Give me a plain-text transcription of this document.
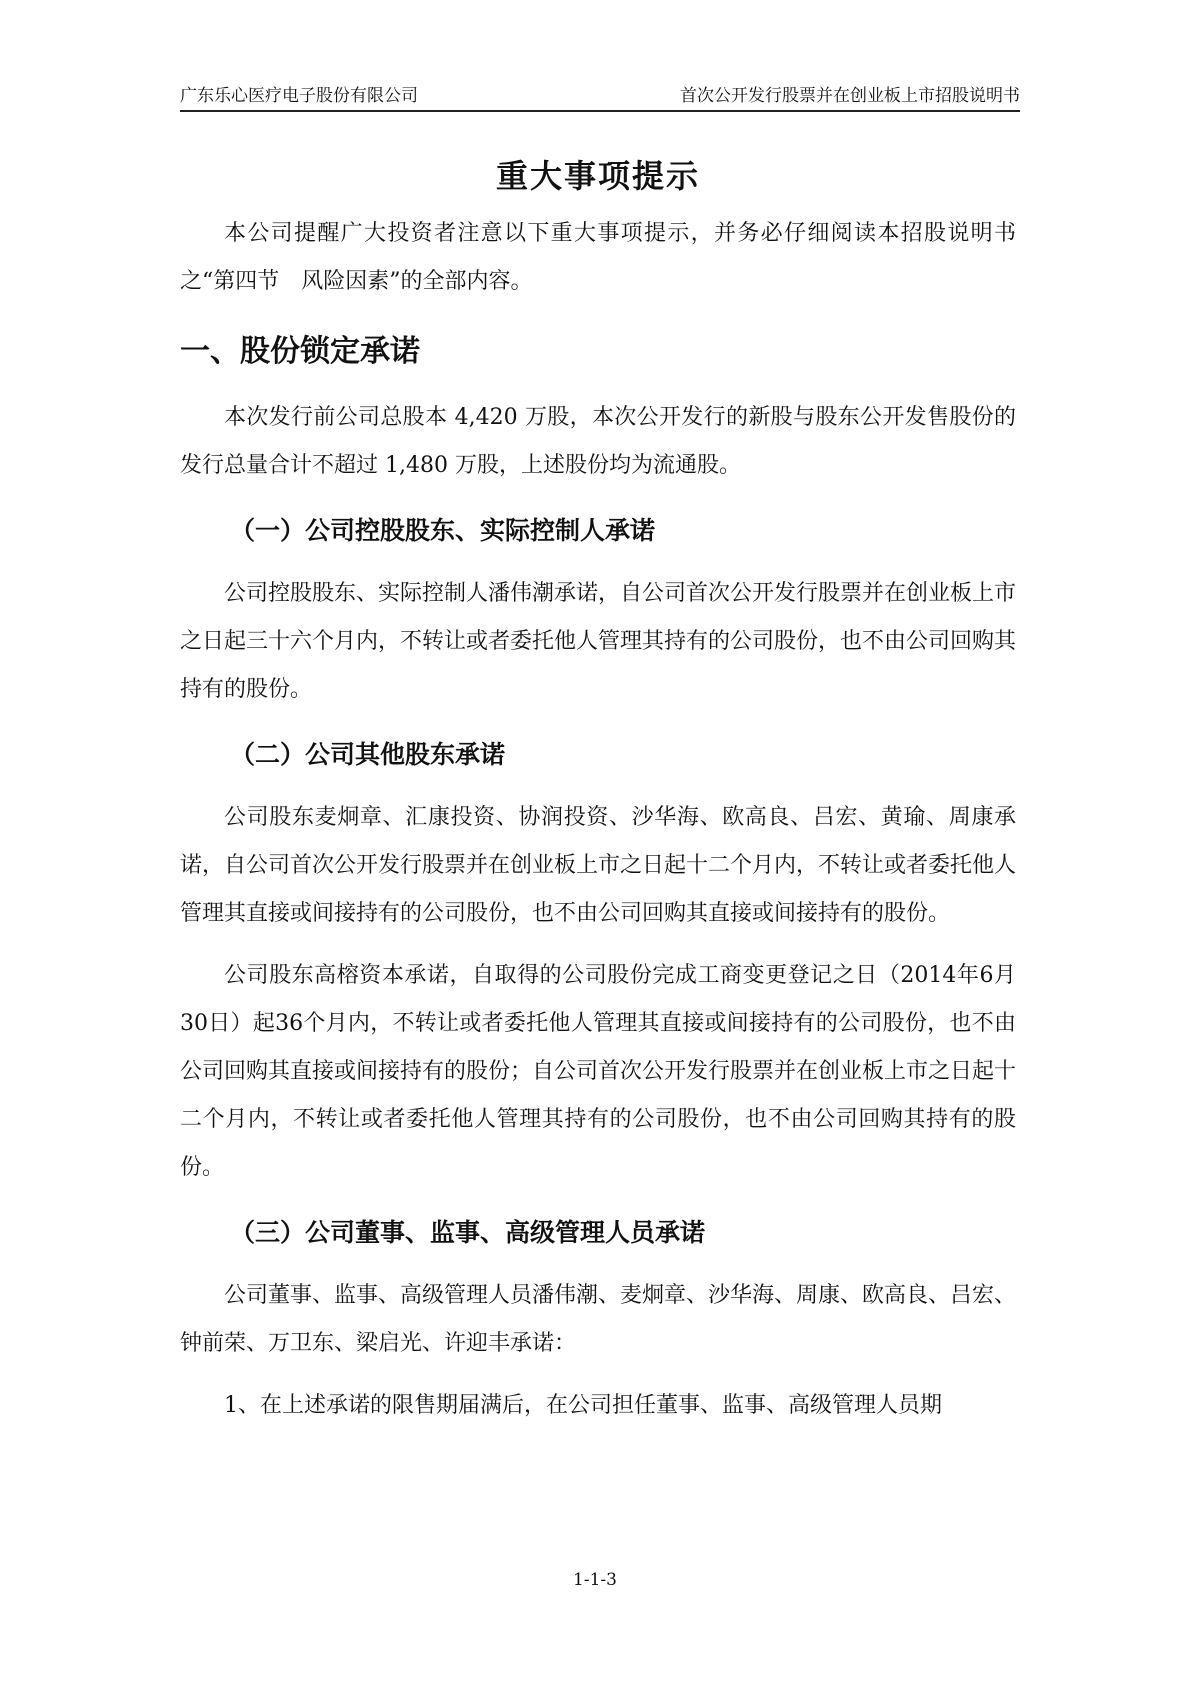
广东乐心医疗电子股份有限公司	首次公开发行股票并在创业板上市招股说明书
重大事项提示

本公司提醒广大投资者注意以下重大事项提示，并务必仔细阅读本招股说明书之“第四节　风险因素”的全部内容。

一、股份锁定承诺

本次发行前公司总股本 4,420 万股，本次公开发行的新股与股东公开发售股份的发行总量合计不超过 1,480 万股，上述股份均为流通股。

（一）公司控股股东、实际控制人承诺

公司控股股东、实际控制人潘伟潮承诺，自公司首次公开发行股票并在创业板上市之日起三十六个月内，不转让或者委托他人管理其持有的公司股份，也不由公司回购其持有的股份。

（二）公司其他股东承诺

公司股东麦炯章、汇康投资、协润投资、沙华海、欧高良、吕宏、黄瑜、周康承诺，自公司首次公开发行股票并在创业板上市之日起十二个月内，不转让或者委托他人管理其直接或间接持有的公司股份，也不由公司回购其直接或间接持有的股份。

公司股东高榕资本承诺，自取得的公司股份完成工商变更登记之日（2014年6月30日）起36个月内，不转让或者委托他人管理其直接或间接持有的公司股份，也不由公司回购其直接或间接持有的股份；自公司首次公开发行股票并在创业板上市之日起十二个月内，不转让或者委托他人管理其持有的公司股份，也不由公司回购其持有的股份。

（三）公司董事、监事、高级管理人员承诺

公司董事、监事、高级管理人员潘伟潮、麦炯章、沙华海、周康、欧高良、吕宏、钟前荣、万卫东、梁启光、许迎丰承诺：

1、在上述承诺的限售期届满后，在公司担任董事、监事、高级管理人员期

1-1-3
